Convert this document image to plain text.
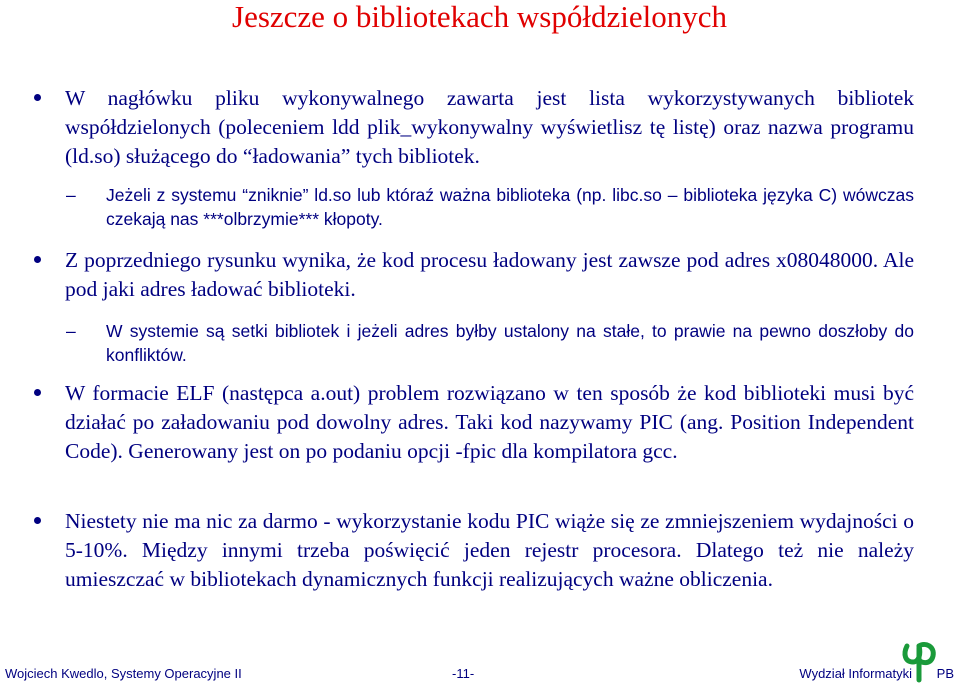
Jeszcze o bibliotekach współdzielonych
W nagłówku pliku wykonywalnego zawarta jest lista wykorzystywanych bibliotek współdzielonych (poleceniem ldd plik_wykonywalny wyświetlisz tę listę) oraz nazwa programu (ld.so) służącego do “ładowania” tych bibliotek.
– Jeżeli z systemu “zniknie” ld.so lub któraź ważna biblioteka (np. libc.so – biblioteka języka C) wówczas czekają nas ***olbrzymie*** kłopoty.
Z poprzedniego rysunku wynika, że kod procesu ładowany jest zawsze pod adres x08048000. Ale pod jaki adres ładować biblioteki.
– W systemie są setki bibliotek i jeżeli adres byłby ustalony na stałe, to prawie na pewno doszłoby do konfliktów.
W formacie ELF (następca a.out) problem rozwiązano w ten sposób że kod biblioteki musi być działać po załadowaniu pod dowolny adres. Taki kod nazywamy PIC (ang. Position Independent Code). Generowany jest on po podaniu opcji -fpic dla kompilatora gcc.
Niestety nie ma nic za darmo - wykorzystanie kodu PIC wiąże się ze zmniejszeniem wydajności o 5-10%. Między innymi trzeba poświęcić jeden rejestr procesora. Dlatego też nie należy umieszczać w bibliotekach dynamicznych funkcji realizujących ważne obliczenia.
Wojciech Kwedlo, Systemy Operacyjne II	-11-	Wydział Informatyki PB
